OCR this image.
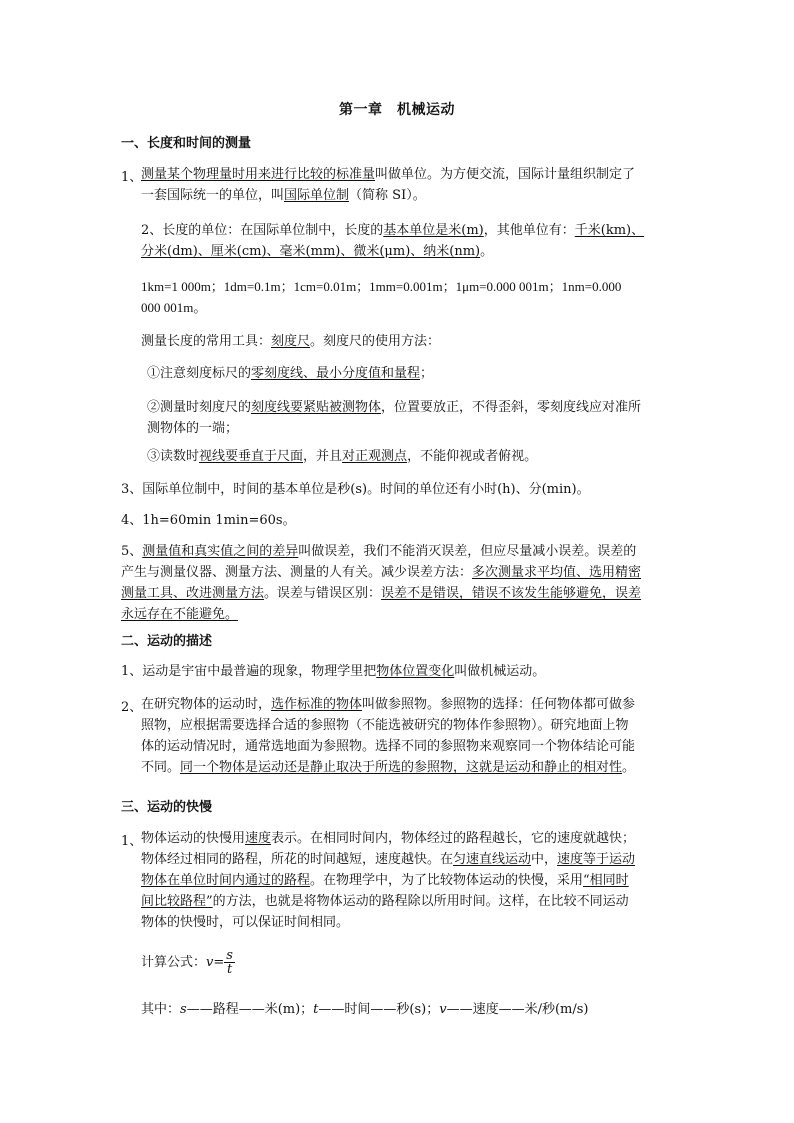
第一章　机械运动
一、长度和时间的测量
1、
测量某个物理量时用来进行比较的标准量叫做单位。为方便交流，国际计量组织制定了
一套国际统一的单位，叫国际单位制（简称 SI）。
2、长度的单位：在国际单位制中，长度的基本单位是米(m)，其他单位有：千米(km)、
分米(dm)、厘米(cm)、毫米(mm)、微米(μm)、纳米(nm)。
1km=1 000m；1dm=0.1m；1cm=0.01m；1mm=0.001m；1μm=0.000 001m；1nm=0.000
000 001m。
测量长度的常用工具：刻度尺。刻度尺的使用方法：
①注意刻度标尺的零刻度线、最小分度值和量程；
②测量时刻度尺的刻度线要紧贴被测物体，位置要放正，不得歪斜，零刻度线应对准所
测物体的一端；
③读数时视线要垂直于尺面，并且对正观测点，不能仰视或者俯视。
3、国际单位制中，时间的基本单位是秒(s)。时间的单位还有小时(h)、分(min)。
4、1h=60min 1min=60s。
5、测量值和真实值之间的差异叫做误差，我们不能消灭误差，但应尽量减小误差。误差的
产生与测量仪器、测量方法、测量的人有关。减少误差方法：多次测量求平均值、选用精密
测量工具、改进测量方法。误差与错误区别：误差不是错误，错误不该发生能够避免，误差
永远存在不能避免。
二、运动的描述
1、运动是宇宙中最普遍的现象，物理学里把物体位置变化叫做机械运动。
2、
在研究物体的运动时，选作标准的物体叫做参照物。参照物的选择：任何物体都可做参
照物，应根据需要选择合适的参照物（不能选被研究的物体作参照物）。研究地面上物
体的运动情况时，通常选地面为参照物。选择不同的参照物来观察同一个物体结论可能
不同。同一个物体是运动还是静止取决于所选的参照物，这就是运动和静止的相对性。
三、运动的快慢
1、
物体运动的快慢用速度表示。在相同时间内，物体经过的路程越长，它的速度就越快；
物体经过相同的路程，所花的时间越短，速度越快。在匀速直线运动中，速度等于运动
物体在单位时间内通过的路程。在物理学中，为了比较物体运动的快慢，采用“相同时
间比较路程”的方法，也就是将物体运动的路程除以所用时间。这样，在比较不同运动
物体的快慢时，可以保证时间相同。
计算公式：$v= \frac{s}{t}$
其中：s——路程——米(m)；t——时间——秒(s)；v——速度——米/秒(m/s)
